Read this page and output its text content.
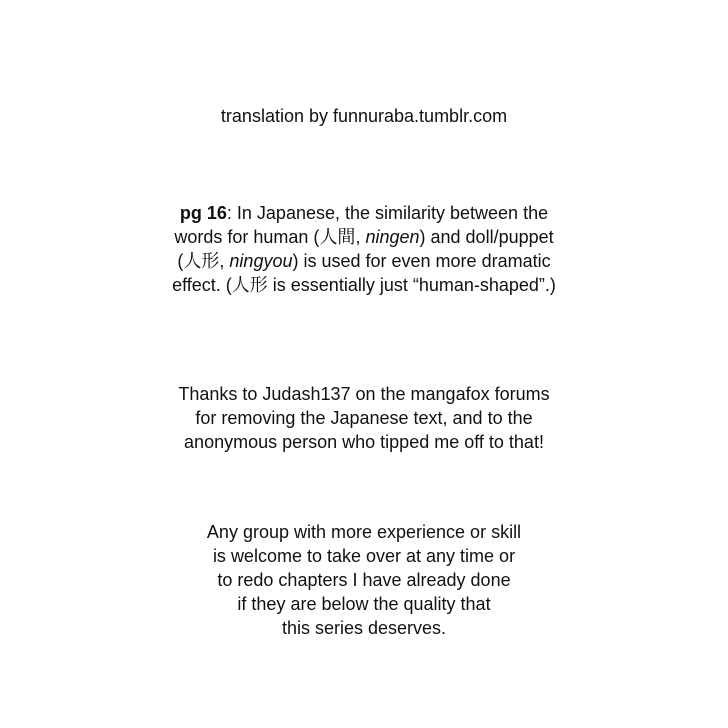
translation by funnuraba.tumblr.com
pg 16: In Japanese, the similarity between the
words for human (人間, ningen) and doll/puppet
(人形, ningyou) is used for even more dramatic
effect. (人形 is essentially just “human-shaped”.)
Thanks to Judash137 on the mangafox forums
for removing the Japanese text, and to the
anonymous person who tipped me off to that!
Any group with more experience or skill
is welcome to take over at any time or
to redo chapters I have already done
if they are below the quality that
this series deserves.
